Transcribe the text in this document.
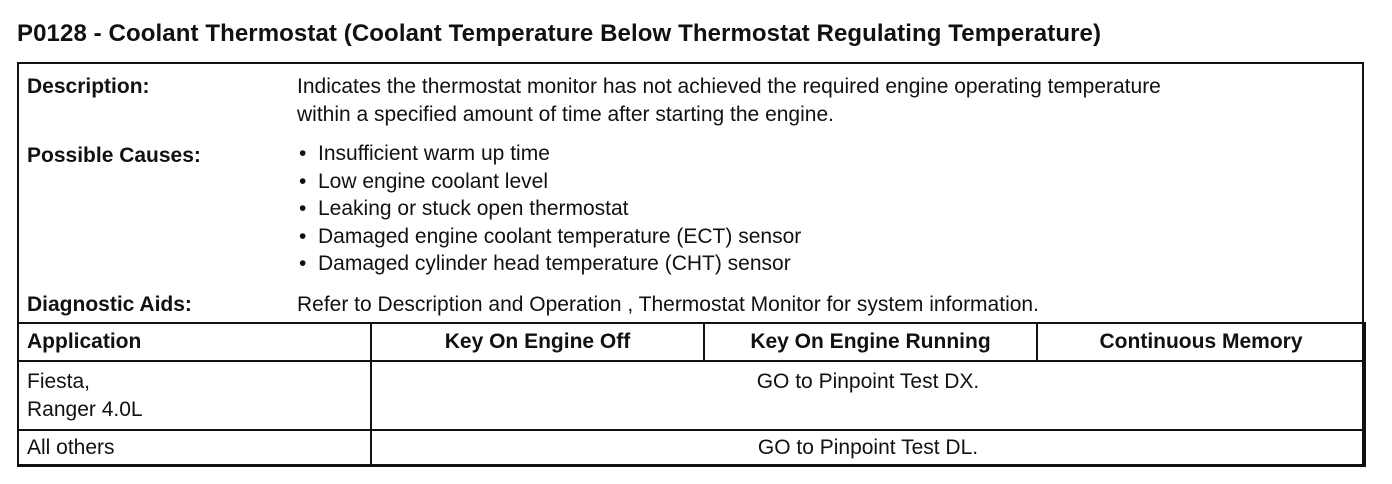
P0128 - Coolant Thermostat (Coolant Temperature Below Thermostat Regulating Temperature)
Description:	Indicates the thermostat monitor has not achieved the required engine operating temperature
within a specified amount of time after starting the engine.
Possible Causes:	• Insufficient warm up time
• Low engine coolant level
• Leaking or stuck open thermostat
• Damaged engine coolant temperature (ECT) sensor
• Damaged cylinder head temperature (CHT) sensor
Diagnostic Aids:	Refer to Description and Operation , Thermostat Monitor for system information.
Application	Key On Engine Off	Key On Engine Running	Continuous Memory

Fiesta,
Ranger 4.0L	GO to Pinpoint Test DX.		

All others	GO to Pinpoint Test DL.		
